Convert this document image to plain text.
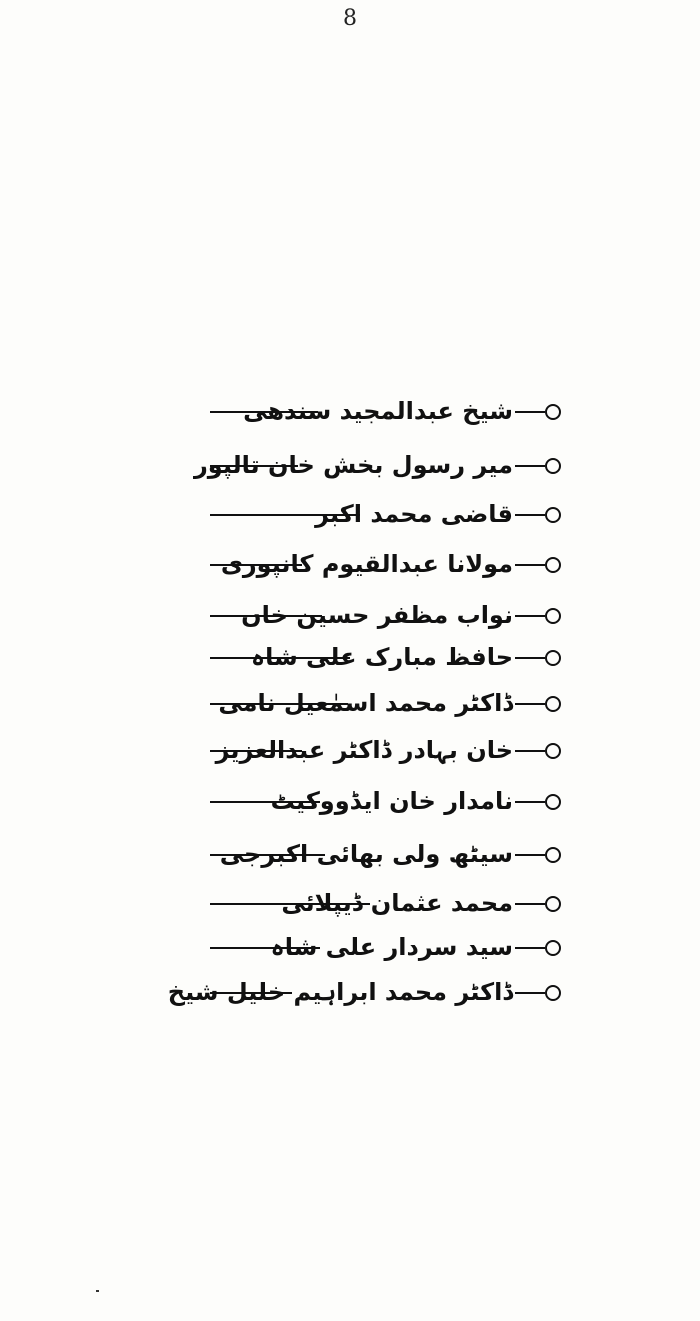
8
شیخ عبدالمجید سندھی
میر رسول بخش خان تالپور
قاضی محمد اکبر
مولانا عبدالقیوم کانپوری
نواب مظفر حسین خاں
حافظ مبارک علی شاہ
ڈاکٹر محمد اسمٰعیل نامی
خان بہادر ڈاکٹر عبدالعزیز
نامدار خان ایڈووکیٹ
سیٹھ ولی بھائی اکبرجی
محمد عثمان ڈیپلائی
سید سردار علی شاہ
ڈاکٹر محمد ابراہیم خلیل شیخ
